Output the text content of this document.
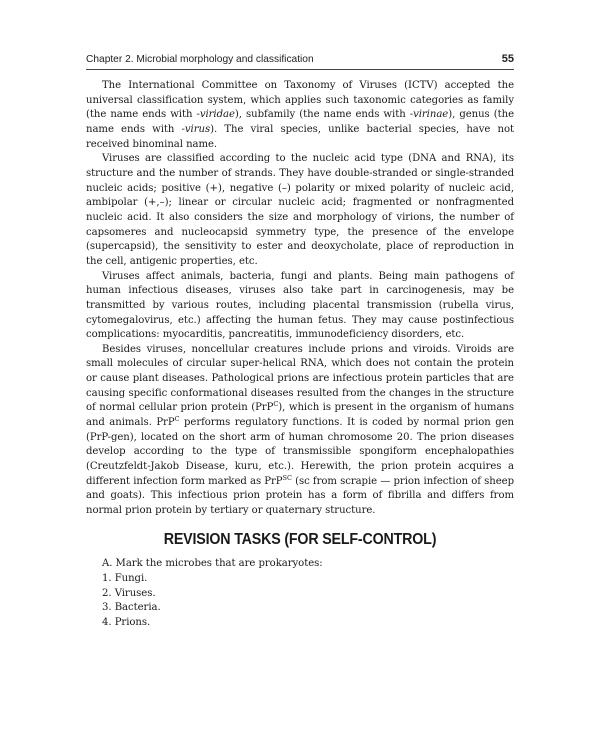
Chapter 2. Microbial morphology and classification	55

The International Committee on Taxonomy of Viruses (ICTV) accepted the universal classification system, which applies such taxonomic categories as family (the name ends with -viridae), subfamily (the name ends with -virinae), genus (the name ends with -virus). The viral species, unlike bacterial species, have not received binominal name.

Viruses are classified according to the nucleic acid type (DNA and RNA), its structure and the number of strands. They have double-stranded or single-stranded nucleic acids; positive (+), negative (–) polarity or mixed polarity of nucleic acid, ambipolar (+,–); linear or circular nucleic acid; fragmented or nonfragmented nucleic acid. It also considers the size and morphology of virions, the number of capsomeres and nucleocapsid symmetry type, the presence of the envelope (supercapsid), the sensitivity to ester and deoxycholate, place of reproduction in the cell, antigenic properties, etc.

Viruses affect animals, bacteria, fungi and plants. Being main pathogens of human infectious diseases, viruses also take part in carcinogenesis, may be transmitted by various routes, including placental transmission (rubella virus, cytomegalovirus, etc.) affecting the human fetus. They may cause postinfectious complications: myocarditis, pancreatitis, immunodeficiency disorders, etc.

Besides viruses, noncellular creatures include prions and viroids. Viroids are small molecules of circular super-helical RNA, which does not contain the protein or cause plant diseases. Pathological prions are infectious protein particles that are causing specific conformational diseases resulted from the changes in the structure of normal cellular prion protein (PrP$^C$), which is present in the organism of humans and animals. PrP$^C$ performs regulatory functions. It is coded by normal prion gen (PrP-gen), located on the short arm of human chromosome 20. The prion diseases develop according to the type of transmissible spongiform encephalopathies (Creutzfeldt-Jakob Disease, kuru, etc.). Herewith, the prion protein acquires a different infection form marked as PrP$^{SC}$ (sc from scrapie — prion infection of sheep and goats). This infectious prion protein has a form of fibrilla and differs from normal prion protein by tertiary or quaternary structure.

REVISION TASKS (FOR SELF-CONTROL)

A. Mark the microbes that are prokaryotes:

1. Fungi.
2. Viruses.
3. Bacteria.
4. Prions.
